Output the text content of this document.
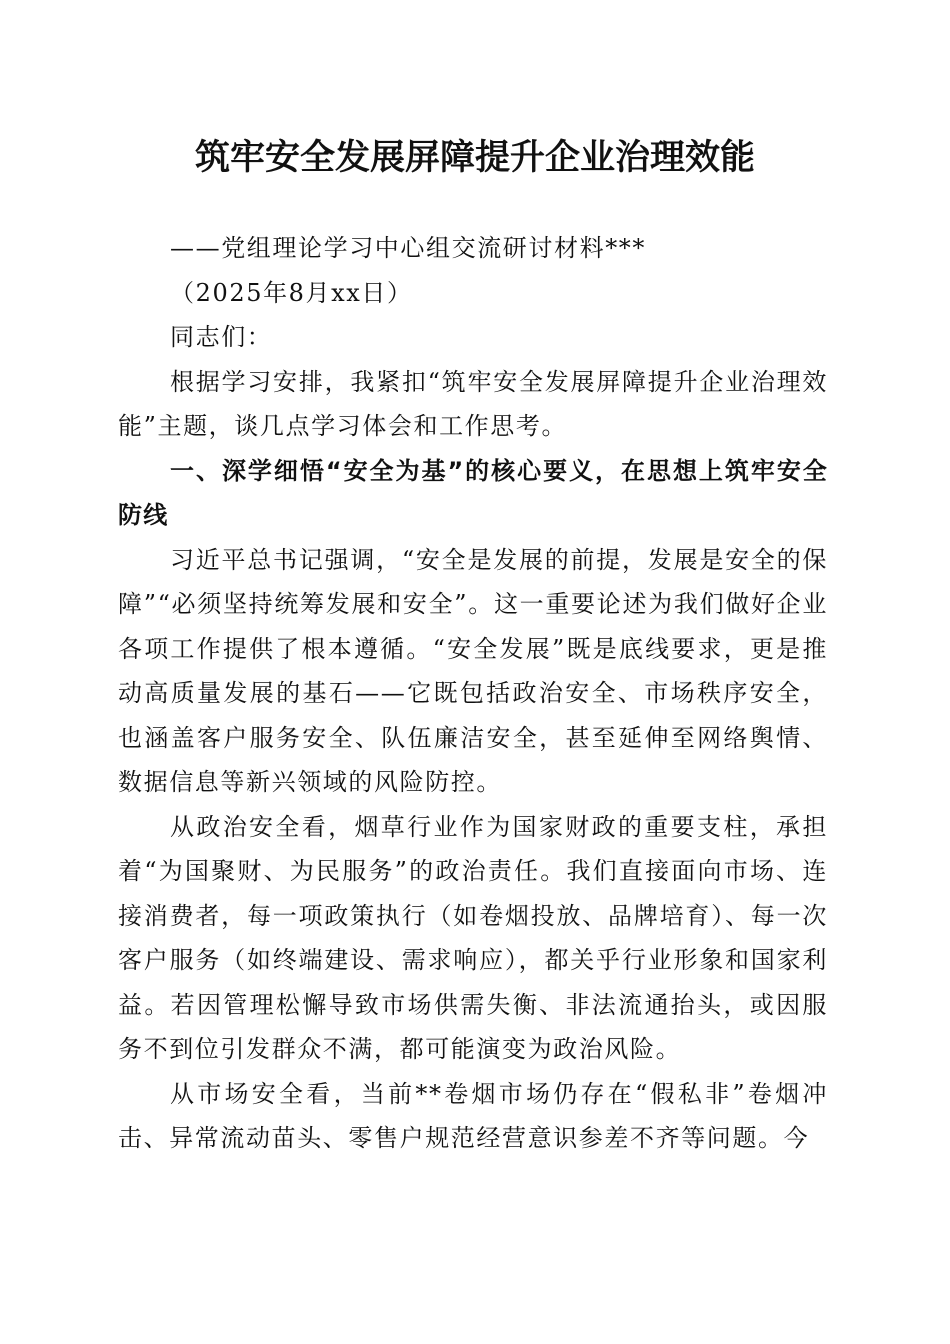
筑牢安全发展屏障提升企业治理效能

——党组理论学习中心组交流研讨材料***

（2025年8月xx日）

同志们：

根据学习安排，我紧扣“筑牢安全发展屏障提升企业治理效能”主题，谈几点学习体会和工作思考。

一、深学细悟“安全为基”的核心要义，在思想上筑牢安全防线

习近平总书记强调，“安全是发展的前提，发展是安全的保障”“必须坚持统筹发展和安全”。这一重要论述为我们做好企业各项工作提供了根本遵循。“安全发展”既是底线要求，更是推动高质量发展的基石——它既包括政治安全、市场秩序安全，也涵盖客户服务安全、队伍廉洁安全，甚至延伸至网络舆情、数据信息等新兴领域的风险防控。

从政治安全看，烟草行业作为国家财政的重要支柱，承担着“为国聚财、为民服务”的政治责任。我们直接面向市场、连接消费者，每一项政策执行（如卷烟投放、品牌培育）、每一次客户服务（如终端建设、需求响应），都关乎行业形象和国家利益。若因管理松懈导致市场供需失衡、非法流通抬头，或因服务不到位引发群众不满，都可能演变为政治风险。

从市场安全看，当前**卷烟市场仍存在“假私非”卷烟冲击、异常流动苗头、零售户规范经营意识参差不齐等问题。今
